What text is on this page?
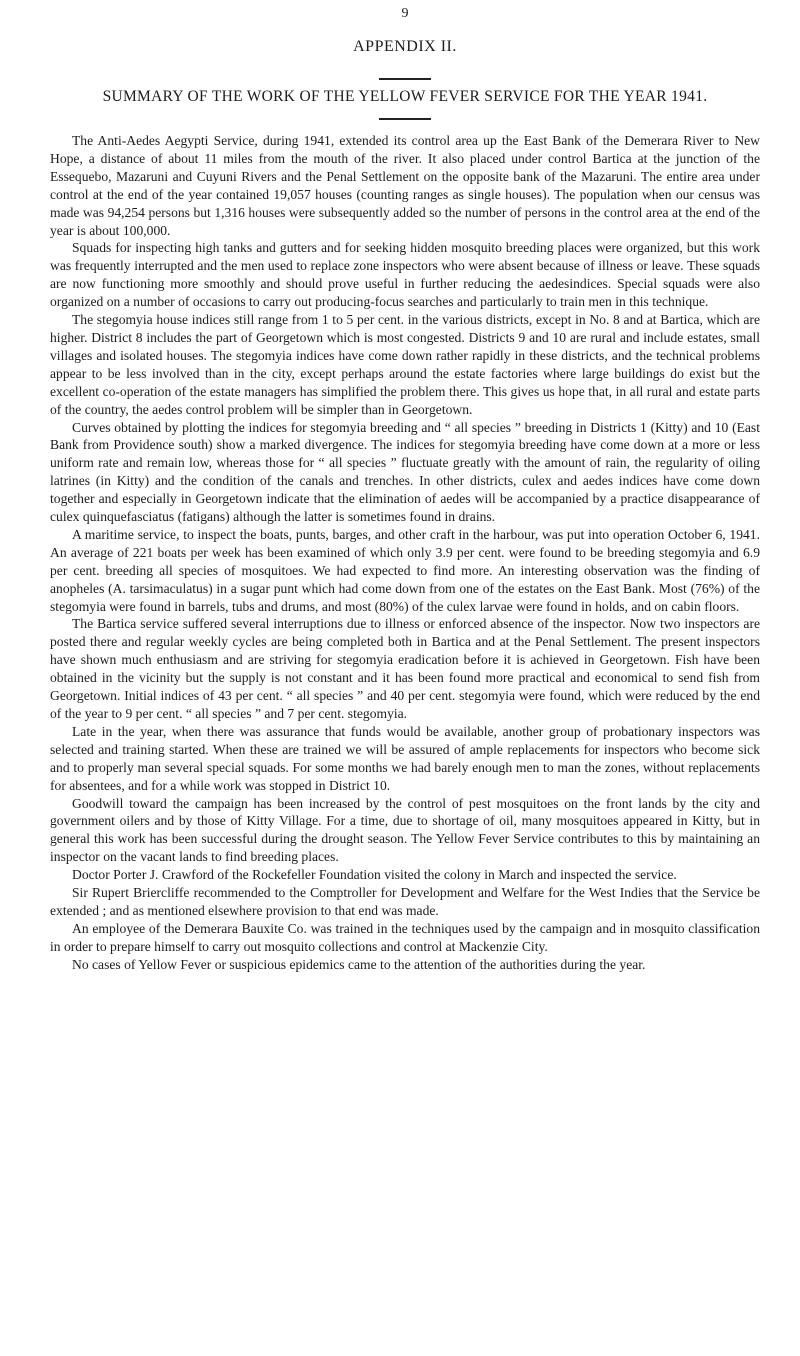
9
APPENDIX II.
SUMMARY OF THE WORK OF THE YELLOW FEVER SERVICE FOR THE YEAR 1941.

The Anti-Aedes Aegypti Service, during 1941, extended its control area up the East Bank of the Demerara River to New Hope, a distance of about 11 miles from the mouth of the river. It also placed under control Bartica at the junction of the Essequebo, Mazaruni and Cuyuni Rivers and the Penal Settlement on the opposite bank of the Mazaruni. The entire area under control at the end of the year contained 19,057 houses (counting ranges as single houses). The population when our census was made was 94,254 persons but 1,316 houses were subsequently added so the number of persons in the control area at the end of the year is about 100,000.

Squads for inspecting high tanks and gutters and for seeking hidden mosquito breeding places were organized, but this work was frequently interrupted and the men used to replace zone inspectors who were absent because of illness or leave. These squads are now functioning more smoothly and should prove useful in further reducing the aedesindices. Special squads were also organized on a number of occasions to carry out producing-focus searches and particularly to train men in this technique.

The stegomyia house indices still range from 1 to 5 per cent. in the various districts, except in No. 8 and at Bartica, which are higher. District 8 includes the part of Georgetown which is most congested. Districts 9 and 10 are rural and include estates, small villages and isolated houses. The stegomyia indices have come down rather rapidly in these districts, and the technical problems appear to be less involved than in the city, except perhaps around the estate factories where large buildings do exist but the excellent co-operation of the estate managers has simplified the problem there. This gives us hope that, in all rural and estate parts of the country, the aedes control problem will be simpler than in Georgetown.

Curves obtained by plotting the indices for stegomyia breeding and “ all species ” breeding in Districts 1 (Kitty) and 10 (East Bank from Providence south) show a marked divergence. The indices for stegomyia breeding have come down at a more or less uniform rate and remain low, whereas those for “ all species ” fluctuate greatly with the amount of rain, the regularity of oiling latrines (in Kitty) and the condition of the canals and trenches. In other districts, culex and aedes indices have come down together and especially in Georgetown indicate that the elimination of aedes will be accompanied by a practice disappearance of culex quinquefasciatus (fatigans) although the latter is sometimes found in drains.

A maritime service, to inspect the boats, punts, barges, and other craft in the harbour, was put into operation October 6, 1941. An average of 221 boats per week has been examined of which only 3.9 per cent. were found to be breeding stegomyia and 6.9 per cent. breeding all species of mosquitoes. We had expected to find more. An interesting observation was the finding of anopheles (A. tarsimaculatus) in a sugar punt which had come down from one of the estates on the East Bank. Most (76%) of the stegomyia were found in barrels, tubs and drums, and most (80%) of the culex larvae were found in holds, and on cabin floors.

The Bartica service suffered several interruptions due to illness or enforced absence of the inspector. Now two inspectors are posted there and regular weekly cycles are being completed both in Bartica and at the Penal Settlement. The present inspectors have shown much enthusiasm and are striving for stegomyia eradication before it is achieved in Georgetown. Fish have been obtained in the vicinity but the supply is not constant and it has been found more practical and economical to send fish from Georgetown. Initial indices of 43 per cent. “ all species ” and 40 per cent. stegomyia were found, which were reduced by the end of the year to 9 per cent. “ all species ” and 7 per cent. stegomyia.

Late in the year, when there was assurance that funds would be available, another group of probationary inspectors was selected and training started. When these are trained we will be assured of ample replacements for inspectors who become sick and to properly man several special squads. For some months we had barely enough men to man the zones, without replacements for absentees, and for a while work was stopped in District 10.

Goodwill toward the campaign has been increased by the control of pest mosquitoes on the front lands by the city and government oilers and by those of Kitty Village. For a time, due to shortage of oil, many mosquitoes appeared in Kitty, but in general this work has been successful during the drought season. The Yellow Fever Service contributes to this by maintaining an inspector on the vacant lands to find breeding places.

Doctor Porter J. Crawford of the Rockefeller Foundation visited the colony in March and inspected the service.

Sir Rupert Briercliffe recommended to the Comptroller for Development and Welfare for the West Indies that the Service be extended ; and as mentioned elsewhere provision to that end was made.

An employee of the Demerara Bauxite Co. was trained in the techniques used by the campaign and in mosquito classification in order to prepare himself to carry out mosquito collections and control at Mackenzie City.

No cases of Yellow Fever or suspicious epidemics came to the attention of the authorities during the year.
